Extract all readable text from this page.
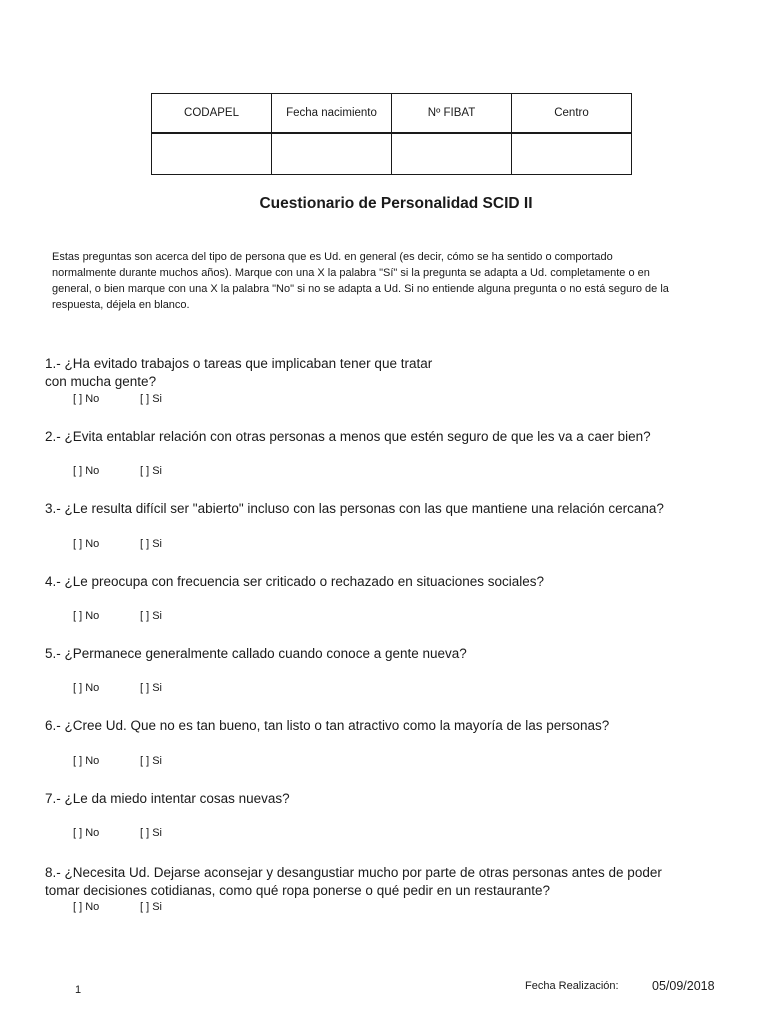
CODAPEL	Fecha nacimiento	Nº FIBAT	Centro

Cuestionario de Personalidad SCID II
Estas preguntas son acerca del tipo de persona que es Ud. en general (es decir, cómo se ha sentido o comportado
normalmente durante muchos años). Marque con una X la palabra "Sí" si la pregunta se adapta a Ud. completamente o en
general, o bien marque con una X la palabra "No" si no se adapta a Ud. Si no entiende alguna pregunta o no está seguro de la
respuesta, déjela en blanco.
1.- ¿Ha evitado trabajos o tareas que implicaban tener que tratar
con mucha gente?
[ ] No	[ ] Si
2.- ¿Evita entablar relación con otras personas a menos que estén seguro de que les va a caer bien?
[ ] No	[ ] Si
3.- ¿Le resulta difícil ser "abierto" incluso con las personas con las que mantiene una relación cercana?
[ ] No	[ ] Si
4.- ¿Le preocupa con frecuencia ser criticado o rechazado en situaciones sociales?
[ ] No	[ ] Si
5.- ¿Permanece generalmente callado cuando conoce a gente nueva?
[ ] No	[ ] Si
6.- ¿Cree Ud. Que no es tan bueno, tan listo o tan atractivo como la mayoría de las personas?
[ ] No	[ ] Si
7.- ¿Le da miedo intentar cosas nuevas?
[ ] No	[ ] Si
8.- ¿Necesita Ud. Dejarse aconsejar y desangustiar mucho por parte de otras personas antes de poder
tomar decisiones cotidianas, como qué ropa ponerse o qué pedir en un restaurante?
[ ] No	[ ] Si
1	Fecha Realización:	05/09/2018
